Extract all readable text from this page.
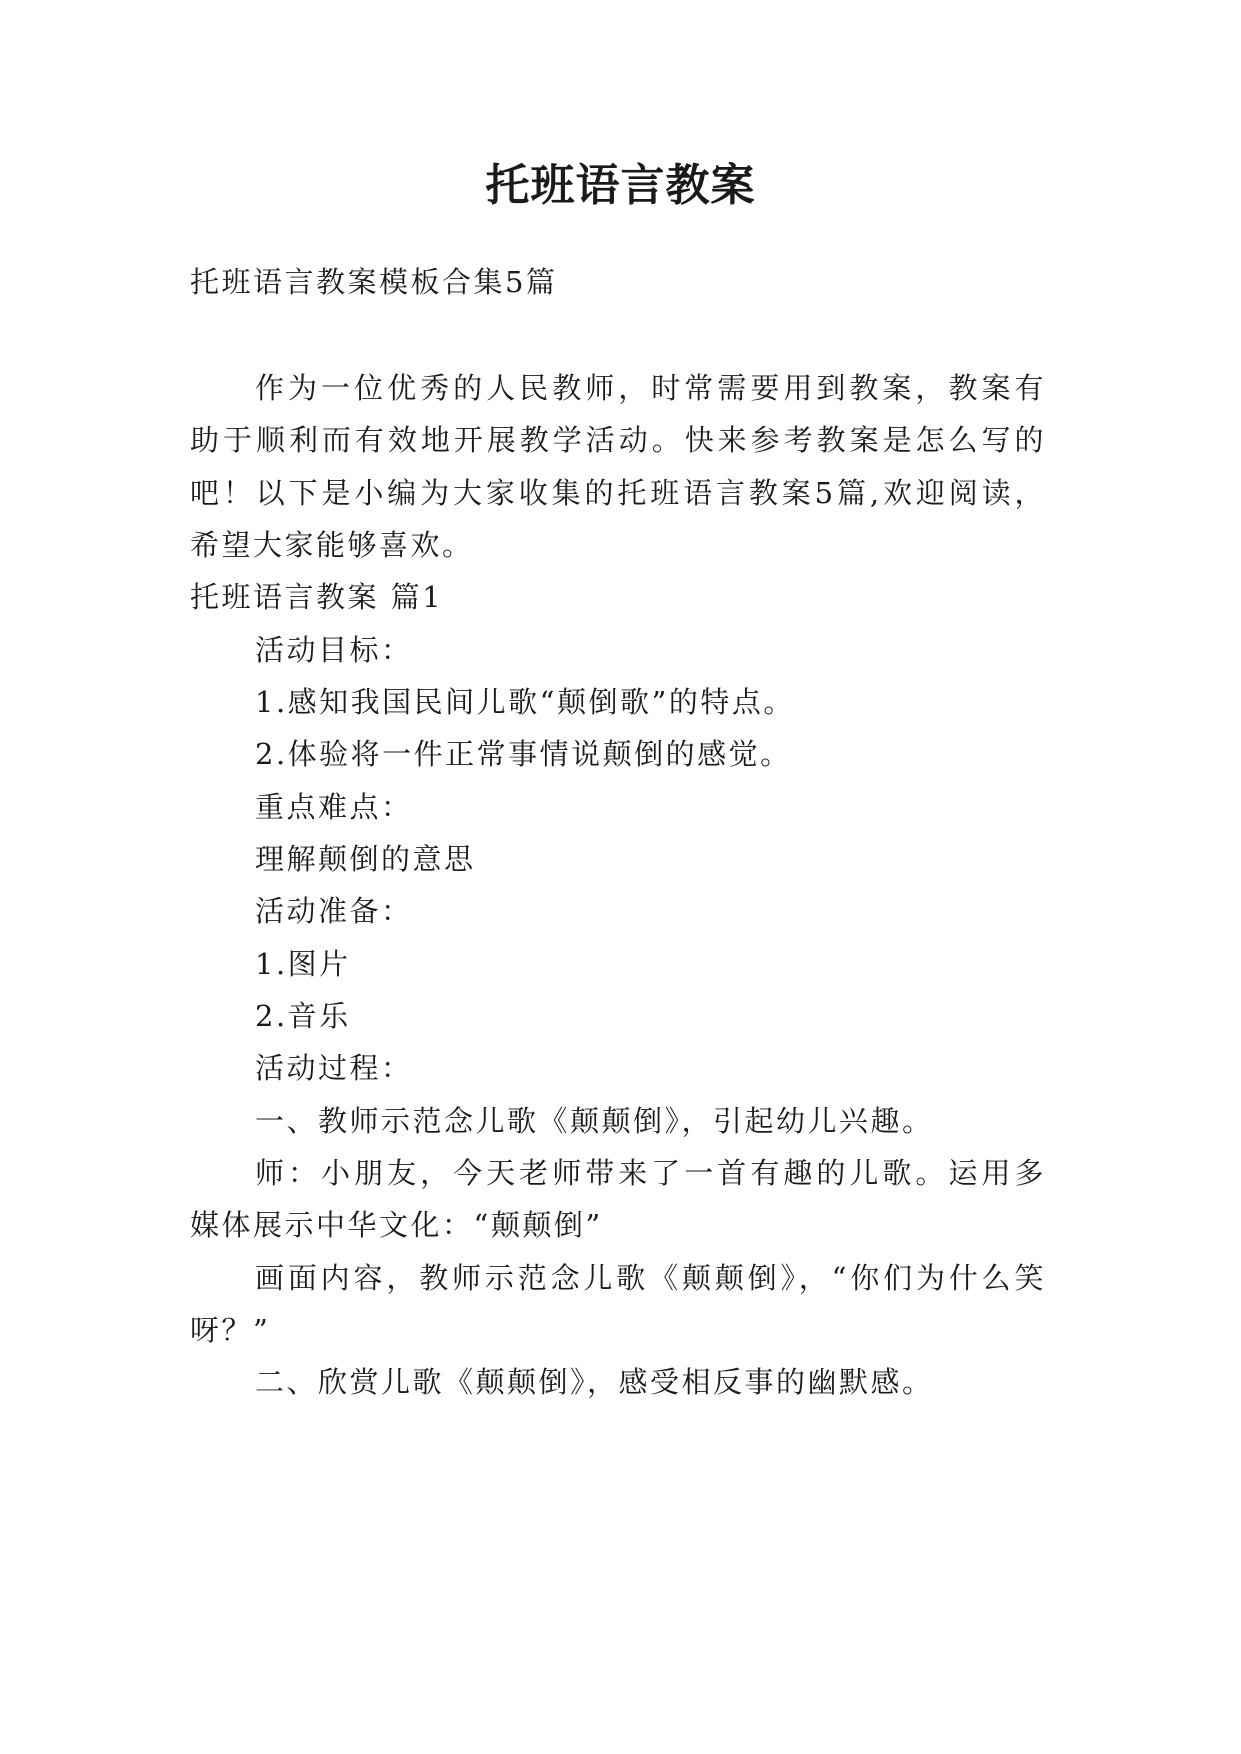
托班语言教案
托班语言教案模板合集5篇
作为一位优秀的人民教师，时常需要用到教案，教案有
助于顺利而有效地开展教学活动。快来参考教案是怎么写的
吧！以下是小编为大家收集的托班语言教案5篇,欢迎阅读，
希望大家能够喜欢。
托班语言教案 篇1
活动目标：
1.感知我国民间儿歌“颠倒歌”的特点。
2.体验将一件正常事情说颠倒的感觉。
重点难点：
理解颠倒的意思
活动准备：
1.图片
2.音乐
活动过程：
一、教师示范念儿歌《颠颠倒》，引起幼儿兴趣。
师：小朋友，今天老师带来了一首有趣的儿歌。运用多
媒体展示中华文化：“颠颠倒”
画面内容，教师示范念儿歌《颠颠倒》，“你们为什么笑
呀？”
二、欣赏儿歌《颠颠倒》，感受相反事的幽默感。
